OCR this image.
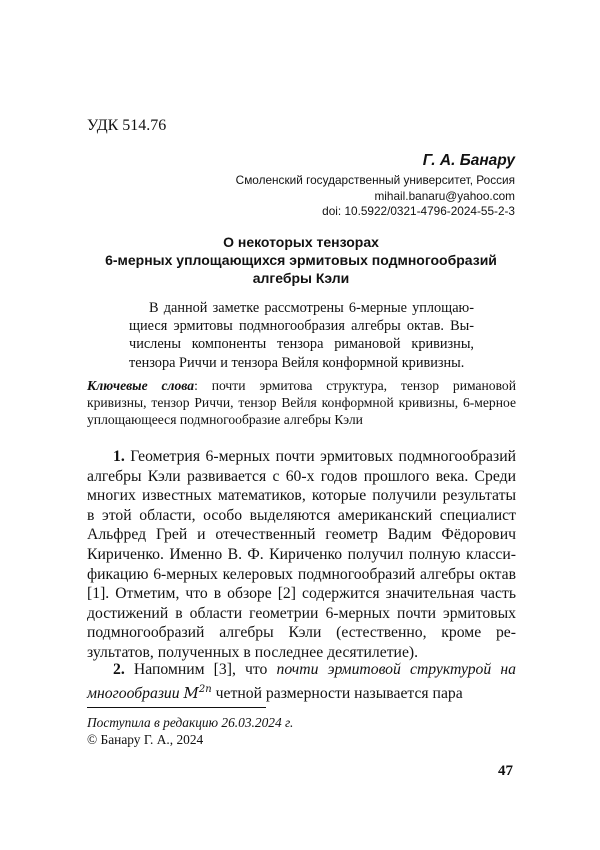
УДК 514.76
Г. А. Банару
Смоленский государственный университет, Россия
mihail.banaru@yahoo.com
doi: 10.5922/0321-4796-2024-55-2-3
О некоторых тензорах
6-мерных уплощающихся эрмитовых подмногообразий
алгебры Кэли
В данной заметке рассмотрены 6-мерные уплощающиеся эрмитовы подмногообразия алгебры октав. Вычислены компоненты тензора римановой кривизны, тензора Риччи и тензора Вейля конформной кривизны.
Ключевые слова: почти эрмитова структура, тензор римановой кривизны, тензор Риччи, тензор Вейля конформной кривизны, 6-мерное уплощающееся подмногообразие алгебры Кэли
1. Геометрия 6-мерных почти эрмитовых подмногообразий алгебры Кэли развивается с 60-х годов прошлого века. Среди многих известных математиков, которые получили результаты в этой области, особо выделяются американский специалист Альфред Грей и отечественный геометр Вадим Фёдорович Кириченко. Именно В. Ф. Кириченко получил полную классификацию 6-мерных келеровых подмногообразий алгебры октав [1]. Отметим, что в обзоре [2] содержится значительная часть достижений в области геометрии 6-мерных почти эрмитовых подмногообразий алгебры Кэли (естественно, кроме результатов, полученных в последнее десятилетие).
2. Напомним [3], что почти эрмитовой структурой на многообразии $M^{2n}$ четной размерности называется пара
Поступила в редакцию 26.03.2024 г.
© Банару Г. А., 2024
47
